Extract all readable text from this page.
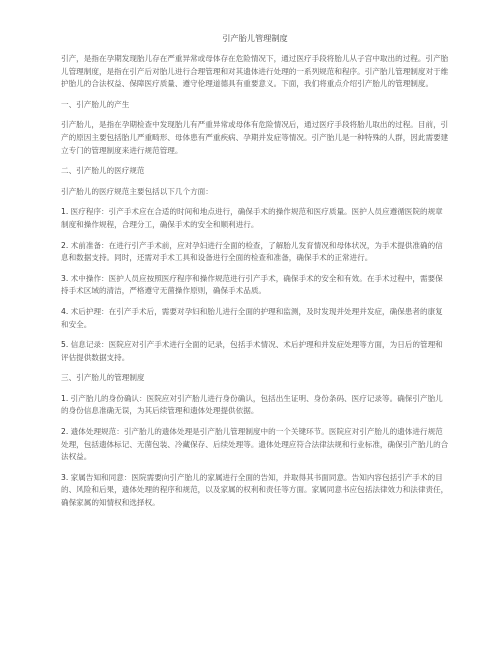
引产胎儿管理制度

引产，是指在孕期发现胎儿存在严重异常或母体存在危险情况下，通过医疗手段将胎儿从子宫中取出的过程。引产胎儿管理制度，是指在引产后对胎儿进行合理管理和对其遗体进行处理的一系列规范和程序。引产胎儿管理制度对于维护胎儿的合法权益、保障医疗质量、遵守伦理道德具有重要意义。下面，我们将重点介绍引产胎儿的管理制度。

一、引产胎儿的产生

引产胎儿，是指在孕期检查中发现胎儿有严重异常或母体有危险情况后，通过医疗手段将胎儿取出的过程。目前，引产的原因主要包括胎儿严重畸形、母体患有严重疾病、孕期并发症等情况。引产胎儿是一种特殊的人群，因此需要建立专门的管理制度来进行规范管理。

二、引产胎儿的医疗规范

引产胎儿的医疗规范主要包括以下几个方面：

1. 医疗程序：引产手术应在合适的时间和地点进行，确保手术的操作规范和医疗质量。医护人员应遵循医院的规章制度和操作规程，合理分工，确保手术的安全和顺利进行。

2. 术前准备：在进行引产手术前，应对孕妇进行全面的检查，了解胎儿发育情况和母体状况，为手术提供准确的信息和数据支持。同时，还需对手术工具和设备进行全面的检查和准备，确保手术的正常进行。

3. 术中操作：医护人员应按照医疗程序和操作规范进行引产手术，确保手术的安全和有效。在手术过程中，需要保持手术区域的清洁，严格遵守无菌操作原则，确保手术品质。

4. 术后护理：在引产手术后，需要对孕妇和胎儿进行全面的护理和监测，及时发现并处理并发症，确保患者的康复和安全。

5. 信息记录：医院应对引产手术进行全面的记录，包括手术情况、术后护理和并发症处理等方面，为日后的管理和评估提供数据支持。

三、引产胎儿的管理制度

1. 引产胎儿的身份确认：医院应对引产胎儿进行身份确认，包括出生证明、身份条码、医疗记录等。确保引产胎儿的身份信息准确无误，为其后续管理和遗体处理提供依据。

2. 遗体处理规范：引产胎儿的遗体处理是引产胎儿管理制度中的一个关键环节。医院应对引产胎儿的遗体进行规范处理，包括遗体标记、无菌包装、冷藏保存、后续处理等。遗体处理应符合法律法规和行业标准，确保引产胎儿的合法权益。

3. 家属告知和同意：医院需要向引产胎儿的家属进行全面的告知，并取得其书面同意。告知内容包括引产手术的目的、风险和后果，遗体处理的程序和规范，以及家属的权利和责任等方面。家属同意书应包括法律效力和法律责任，确保家属的知情权和选择权。
